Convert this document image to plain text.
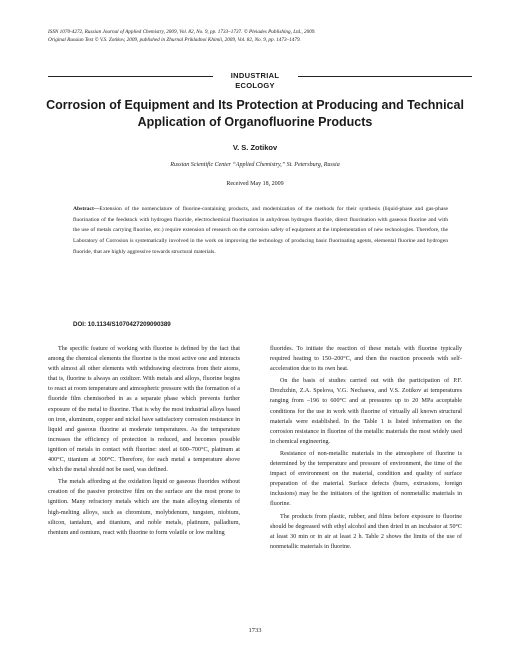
ISSN 1070-4272, Russian Journal of Applied Chemistry, 2009, Vol. 82, No. 9, pp. 1733–1737. © Pleiades Publishing, Ltd., 2009.
Original Russian Text © V.S. Zotikov, 2009, published in Zhurnal Prikladnoi Khimii, 2009, Vol. 82, No. 9, pp. 1473–1479.
INDUSTRIAL
ECOLOGY
Corrosion of Equipment and Its Protection at Producing and Technical Application of Organofluorine Products
V. S. Zotikov
Russian Scientific Center “Applied Chemistry,” St. Petersburg, Russia
Received May 18, 2009
Abstract—Extension of the nomenclature of fluorine-containing products, and modernization of the methods for their synthesis (liquid-phase and gas-phase fluorination of the feedstock with hydrogen fluoride, electrochemical fluorination in anhydrous hydrogen fluoride, direct fluorination with gaseous fluorine and with the use of metals carrying fluorine, etc.) require extension of research on the corrosion safety of equipment at the implementation of new technologies. Therefore, the Laboratory of Corrosion is systematically involved in the work on improving the technology of producing basic fluorinating agents, elemental fluorine and hydrogen fluoride, that are highly aggressive towards structural materials.
DOI: 10.1134/S1070427209090389

The specific feature of working with fluorine is defined by the fact that among the chemical elements the fluorine is the most active one and interacts with almost all other elements with withdrawing electrons from their atoms, that is, fluorine is always an oxidizer. With metals and alloys, fluorine begins to react at room temperature and atmospheric pressure with the formation of a fluoride film chemisorbed in as a separate phase which prevents further exposure of the metal to fluorine. That is why the most industrial alloys based on iron, aluminum, copper and nickel have satisfactory corrosion resistance in liquid and gaseous fluorine at moderate temperatures. As the temperature increases the efficiency of protection is reduced, and becomes possible ignition of metals in contact with fluorine: steel at 600–700°C, platinum at 400°C, titanium at 300°C. Therefore, for each metal a temperature above which the metal should not be used, was defined.

The metals affording at the oxidation liquid or gaseous fluorides without creation of the passive protective film on the surface are the most prone to ignition. Many refractory metals which are the main alloying elements of high-melting alloys, such as chromium, molybdenum, tungsten, niobium, silicon, tantalum, and titanium, and noble metals, platinum, palladium, rhenium and osmium, react with fluorine to form volatile or low melting

fluorides. To initiate the reaction of these metals with fluorine typically required heating to 150–200°C, and then the reaction proceeds with self-acceleration due to its own heat.

On the basis of studies carried out with the participation of P.F. Drozhzhin, Z.A. Spelova, V.G. Nechaeva, and V.S. Zotikov at temperatures ranging from –196 to 600°C and at pressures up to 20 MPa acceptable conditions for the use in work with fluorine of virtually all known structural materials were established. In the Table 1 is listed information on the corrosion resistance in fluorine of the metallic materials the most widely used in chemical engineering.

Resistance of non-metallic materials in the atmosphere of fluorine is determined by the temperature and pressure of environment, the time of the impact of environment on the material, condition and quality of surface preparation of the material. Surface defects (burrs, extrusions, foreign inclusions) may be the initiators of the ignition of nonmetallic materials in fluorine.

The products from plastic, rubber, and films before exposure to fluorine should be degreased with ethyl alcohol and then dried in an incubator at 50°C at least 30 min or in air at least 2 h. Table 2 shows the limits of the use of nonmetallic materials in fluorine.

1733
